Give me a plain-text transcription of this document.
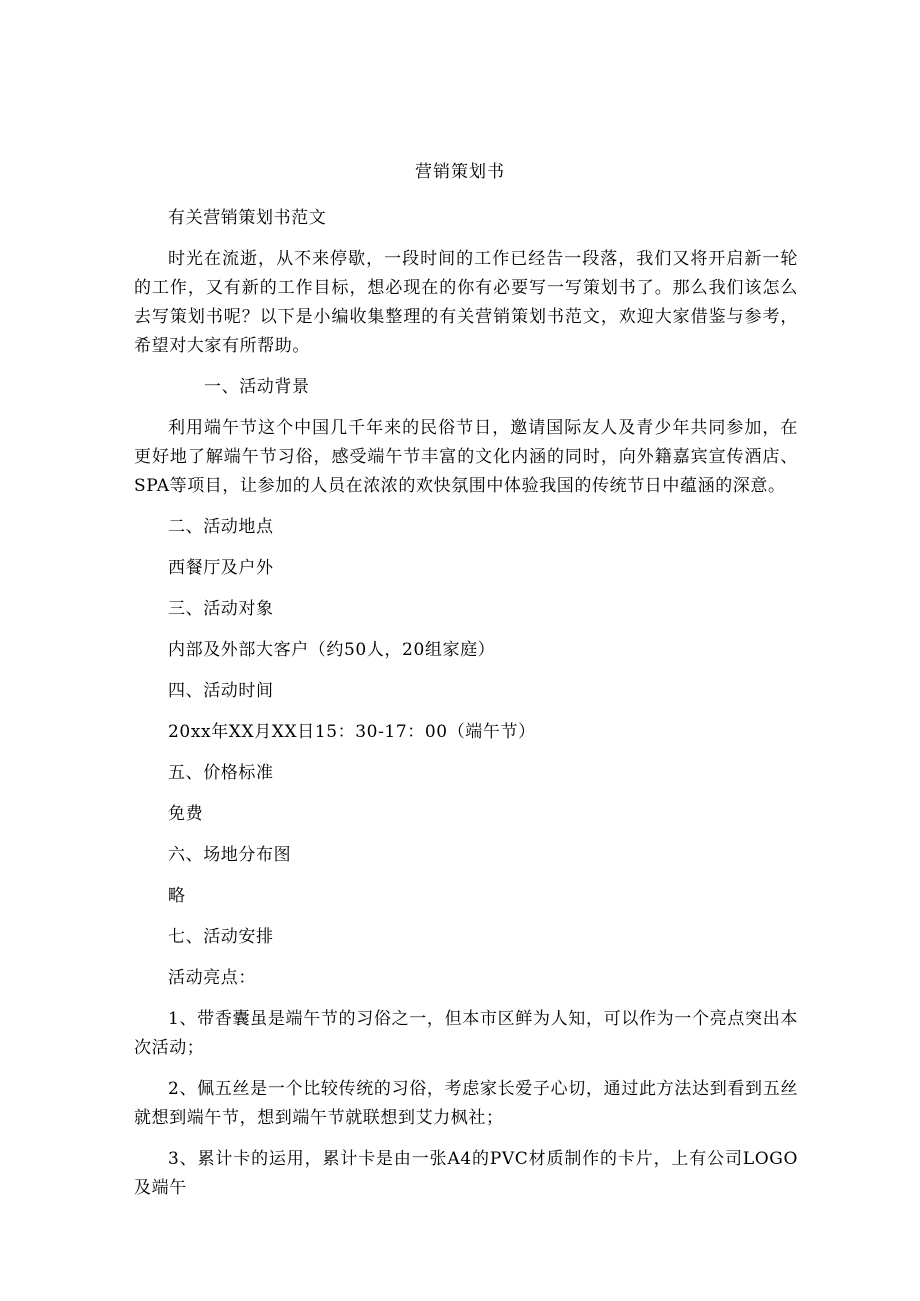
营销策划书

有关营销策划书范文

时光在流逝，从不来停歇，一段时间的工作已经告一段落，我们又将开启新一轮的工作，又有新的工作目标，想必现在的你有必要写一写策划书了。那么我们该怎么去写策划书呢？以下是小编收集整理的有关营销策划书范文，欢迎大家借鉴与参考，希望对大家有所帮助。

一、活动背景

利用端午节这个中国几千年来的民俗节日，邀请国际友人及青少年共同参加，在更好地了解端午节习俗，感受端午节丰富的文化内涵的同时，向外籍嘉宾宣传酒店、SPA等项目，让参加的人员在浓浓的欢快氛围中体验我国的传统节日中蕴涵的深意。

二、活动地点

西餐厅及户外

三、活动对象

内部及外部大客户（约50人，20组家庭）

四、活动时间

20xx年XX月XX日15：30-17：00（端午节）

五、价格标准

免费

六、场地分布图

略

七、活动安排

活动亮点：

1、带香囊虽是端午节的习俗之一，但本市区鲜为人知，可以作为一个亮点突出本次活动；

2、佩五丝是一个比较传统的习俗，考虑家长爱子心切，通过此方法达到看到五丝就想到端午节，想到端午节就联想到艾力枫社；

3、累计卡的运用，累计卡是由一张A4的PVC材质制作的卡片，上有公司LOGO及端午
